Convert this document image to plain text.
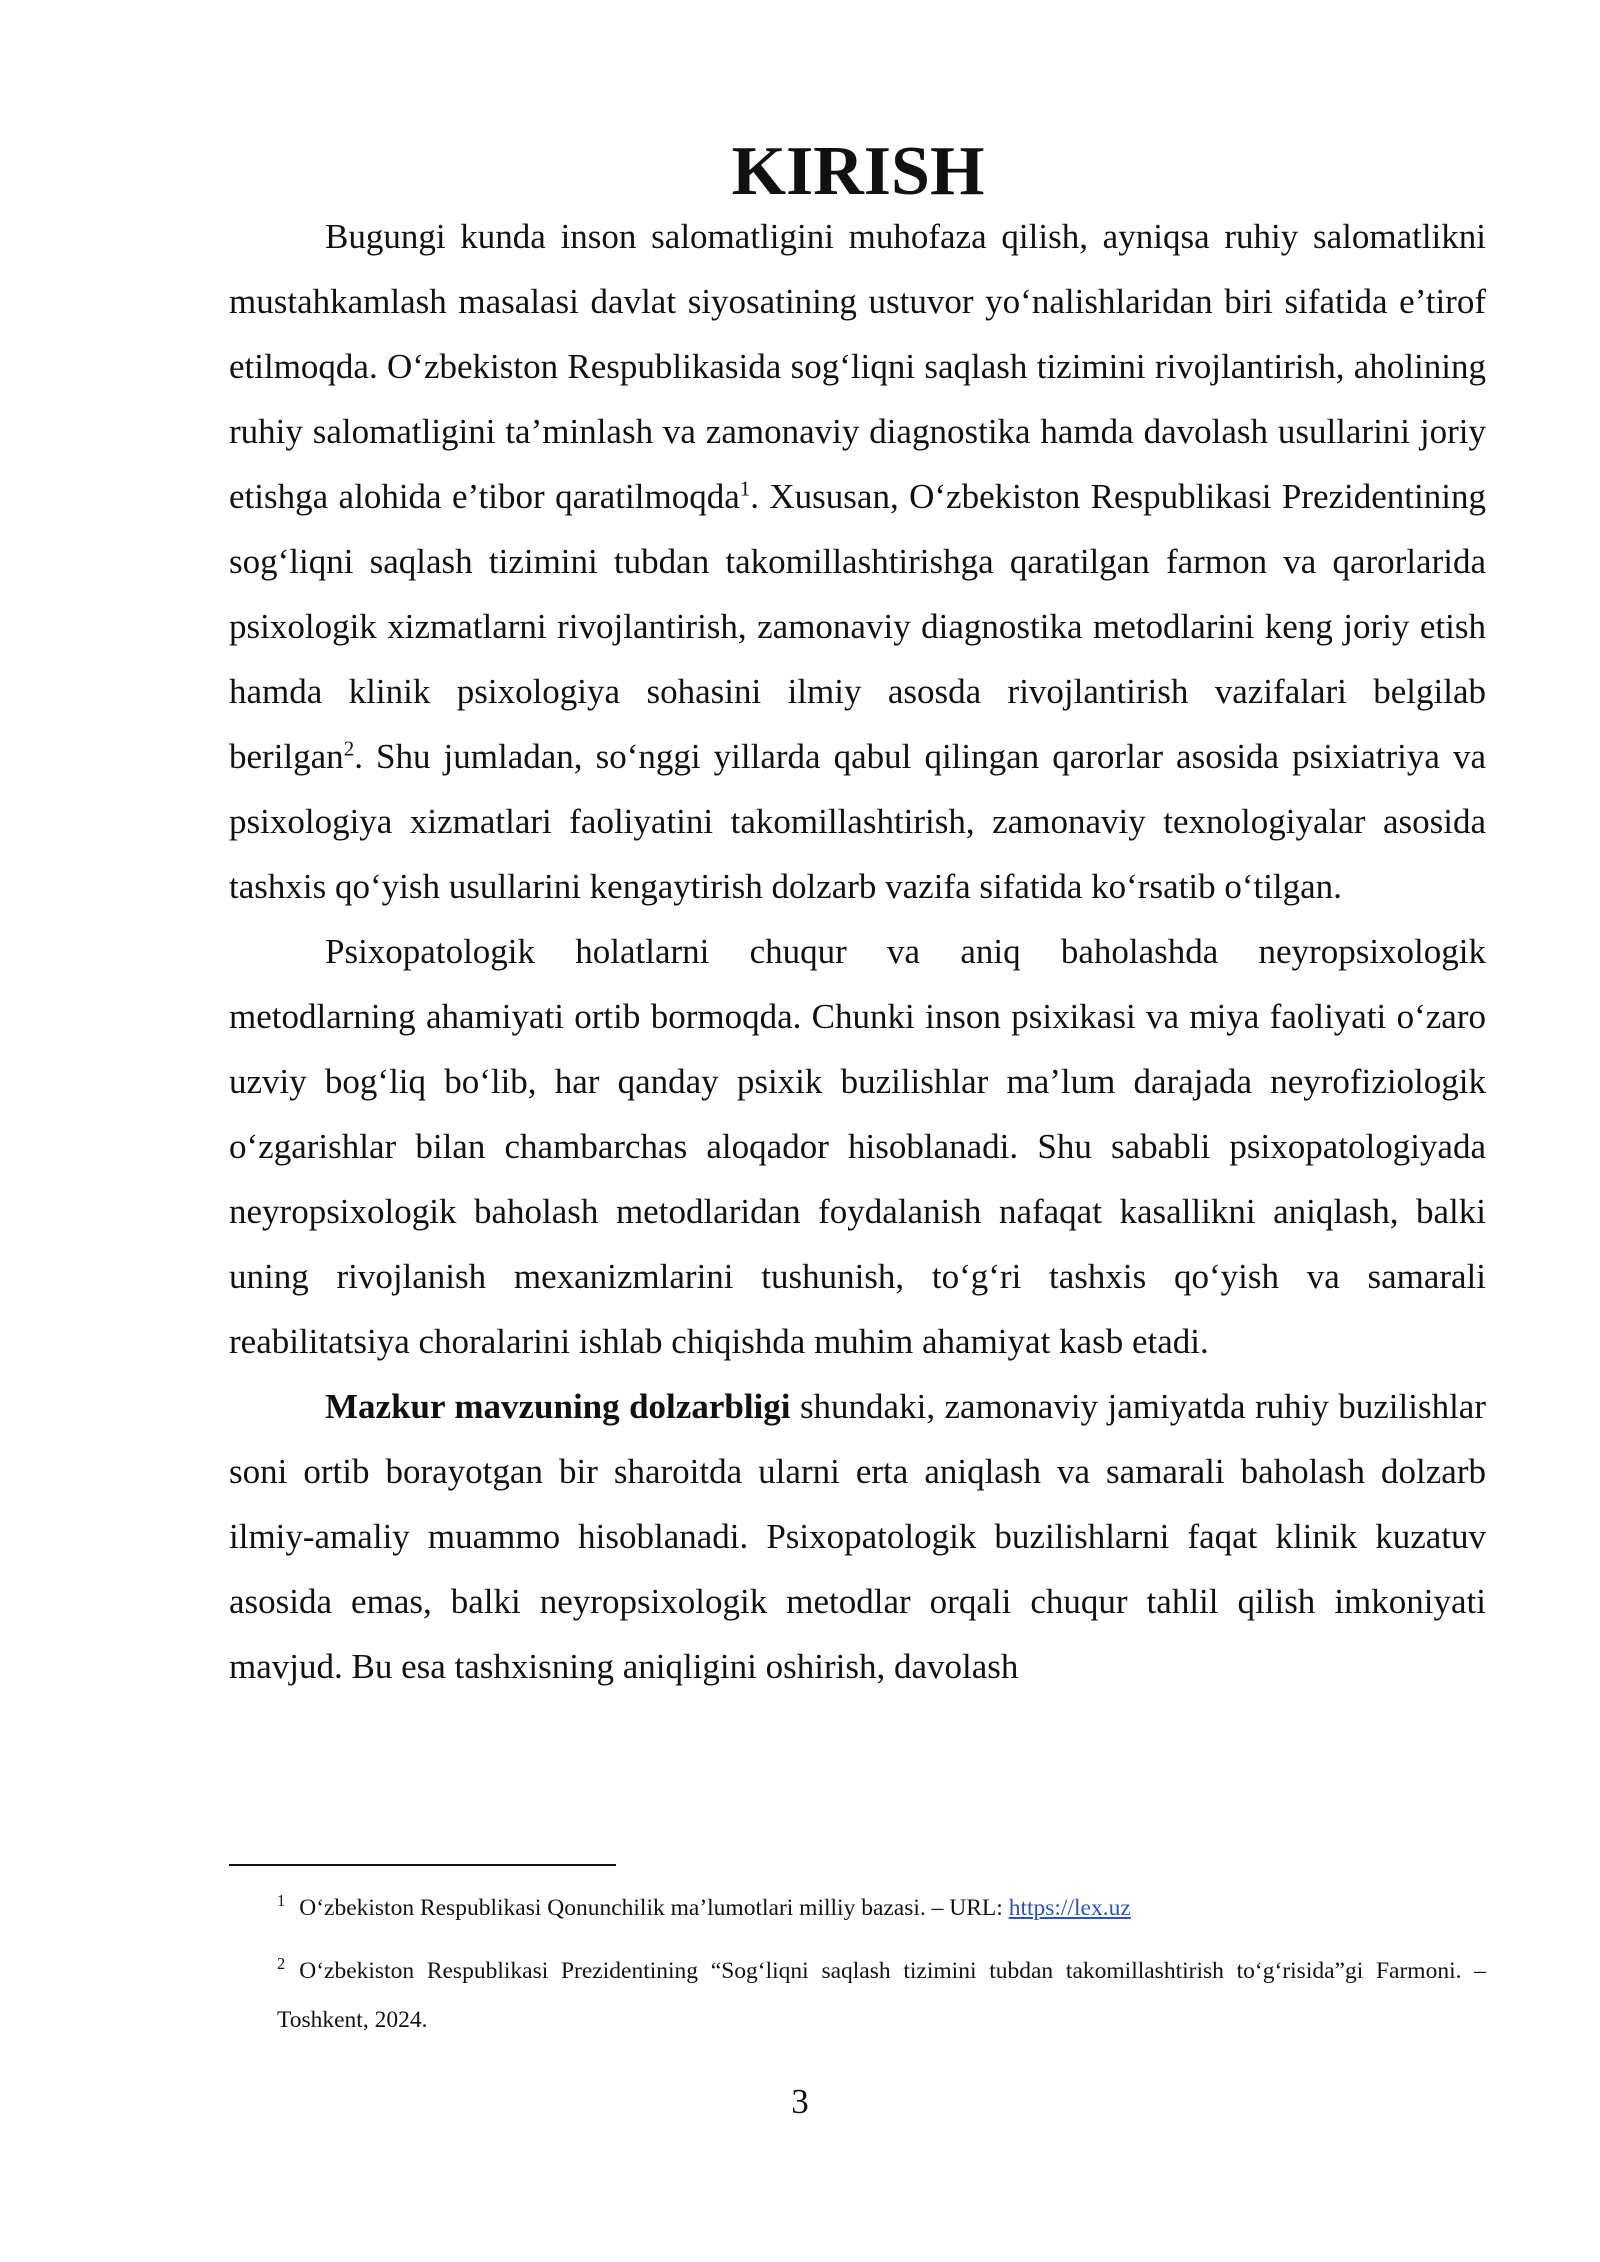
KIRISH

Bugungi kunda inson salomatligini muhofaza qilish, ayniqsa ruhiy salomatlikni mustahkamlash masalasi davlat siyosatining ustuvor yo‘nalishlaridan biri sifatida e’tirof etilmoqda. O‘zbekiston Respublikasida sog‘liqni saqlash tizimini rivojlantirish, aholining ruhiy salomatligini ta’minlash va zamonaviy diagnostika hamda davolash usullarini joriy etishga alohida e’tibor qaratilmoqda$^1$. Xususan, O‘zbekiston Respublikasi Prezidentining sog‘liqni saqlash tizimini tubdan takomillashtirishga qaratilgan farmon va qarorlarida psixologik xizmatlarni rivojlantirish, zamonaviy diagnostika metodlarini keng joriy etish hamda klinik psixologiya sohasini ilmiy asosda rivojlantirish vazifalari belgilab berilgan$^2$. Shu jumladan, so‘nggi yillarda qabul qilingan qarorlar asosida psixiatriya va psixologiya xizmatlari faoliyatini takomillashtirish, zamonaviy texnologiyalar asosida tashxis qo‘yish usullarini kengaytirish dolzarb vazifa sifatida ko‘rsatib o‘tilgan.

Psixopatologik holatlarni chuqur va aniq baholashda neyropsixologik metodlarning ahamiyati ortib bormoqda. Chunki inson psixikasi va miya faoliyati o‘zaro uzviy bog‘liq bo‘lib, har qanday psixik buzilishlar ma’lum darajada neyrofiziologik o‘zgarishlar bilan chambarchas aloqador hisoblanadi. Shu sababli psixopatologiyada neyropsixologik baholash metodlaridan foydalanish nafaqat kasallikni aniqlash, balki uning rivojlanish mexanizmlarini tushunish, to‘g‘ri tashxis qo‘yish va samarali reabilitatsiya choralarini ishlab chiqishda muhim ahamiyat kasb etadi.

Mazkur mavzuning dolzarbligi shundaki, zamonaviy jamiyatda ruhiy buzilishlar soni ortib borayotgan bir sharoitda ularni erta aniqlash va samarali baholash dolzarb ilmiy-amaliy muammo hisoblanadi. Psixopatologik buzilishlarni faqat klinik kuzatuv asosida emas, balki neyropsixologik metodlar orqali chuqur tahlil qilish imkoniyati mavjud. Bu esa tashxisning aniqligini oshirish, davolash

$^1$ O‘zbekiston Respublikasi Qonunchilik ma’lumotlari milliy bazasi. – URL: https://lex.uz

$^2$ O‘zbekiston Respublikasi Prezidentining “Sog‘liqni saqlash tizimini tubdan takomillashtirish to‘g‘risida”gi Farmoni. – Toshkent, 2024.

3
